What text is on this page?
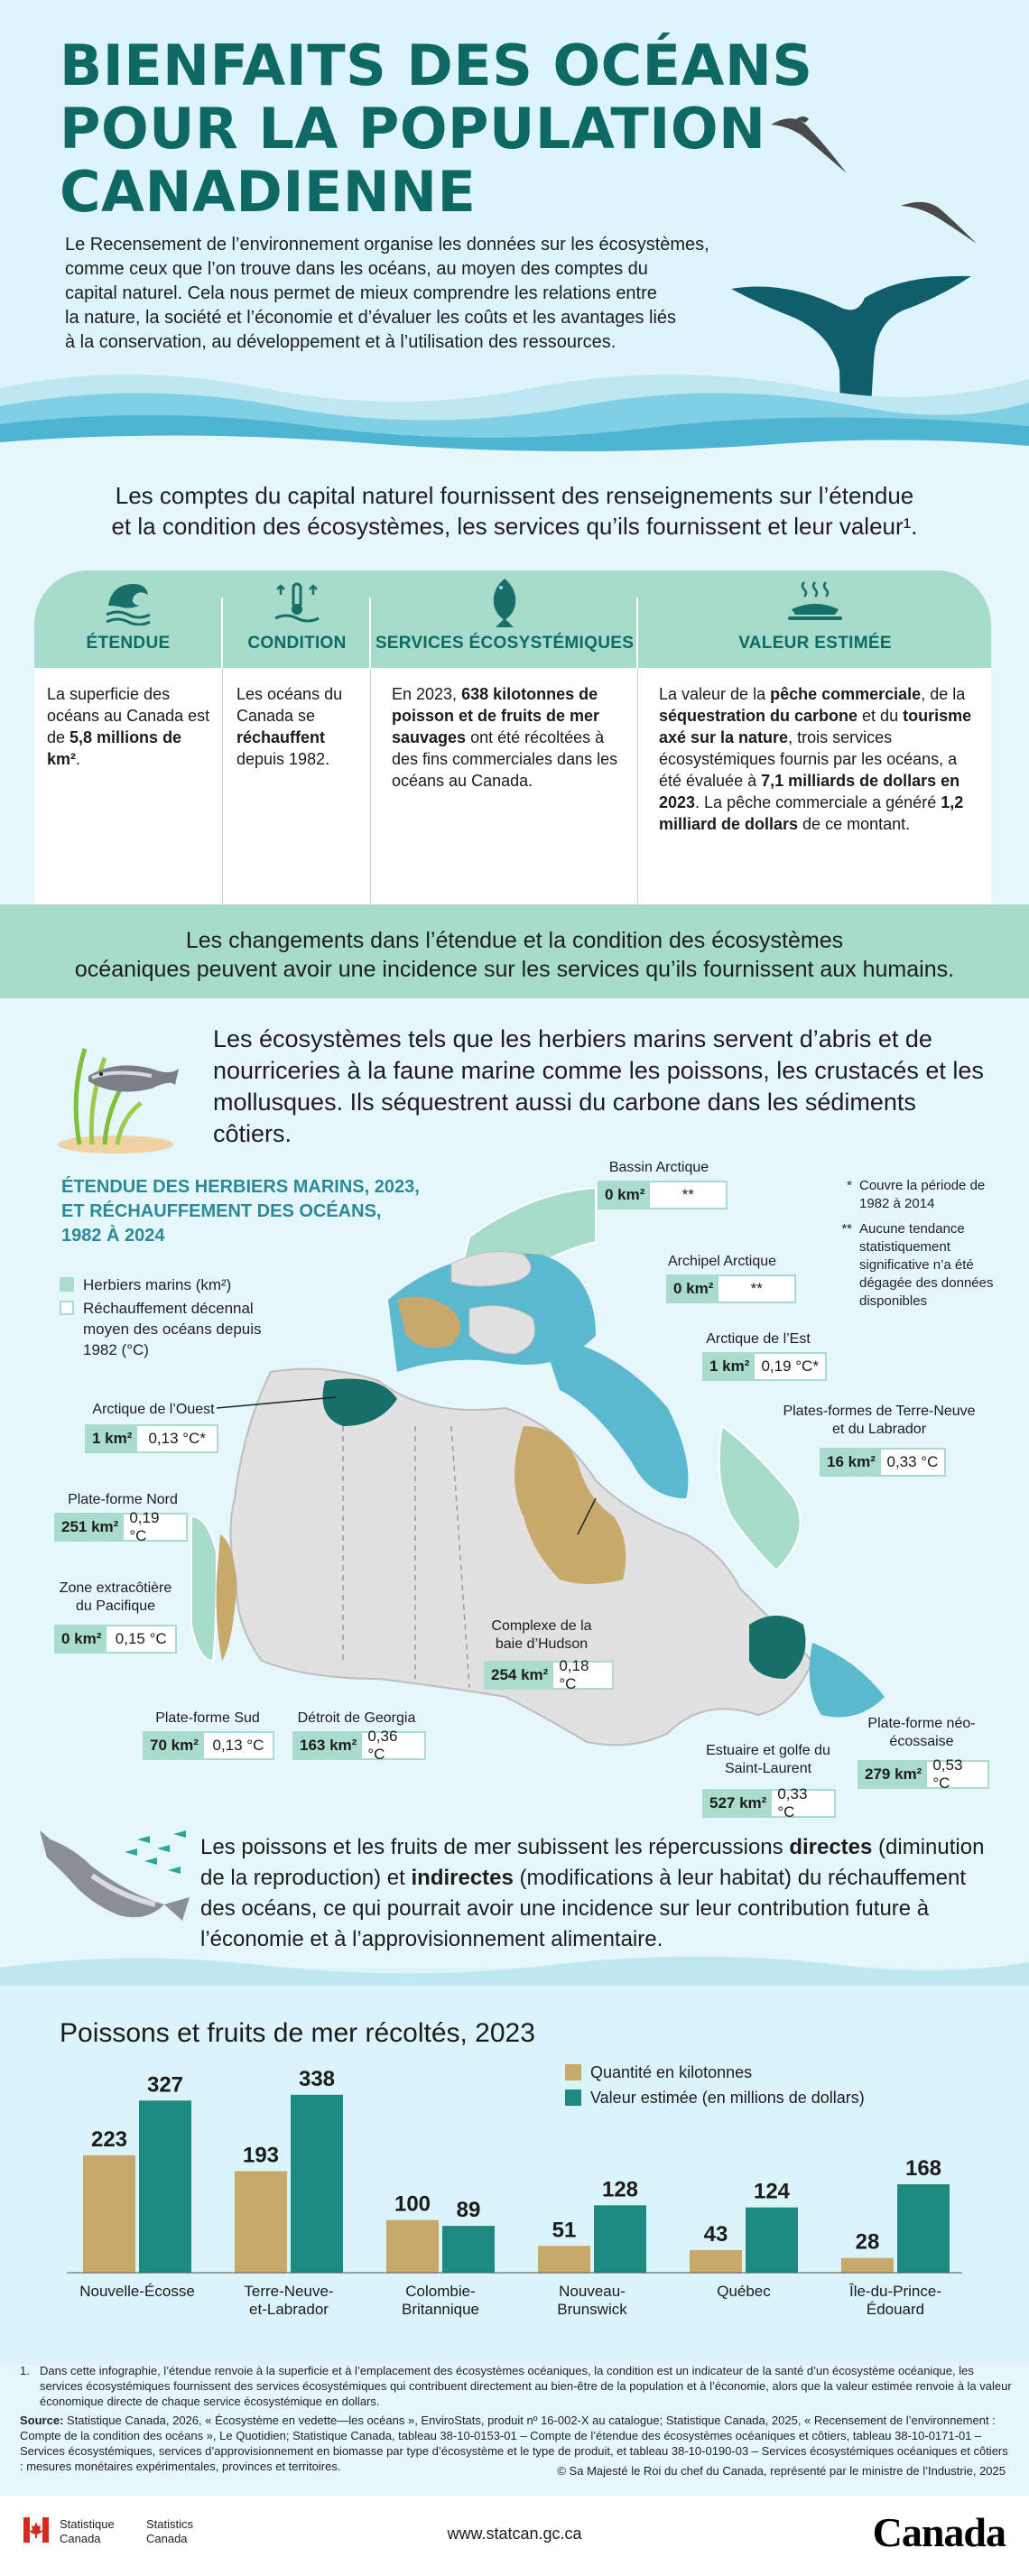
BIENFAITS DES OCÉANS
POUR LA POPULATION
CANADIENNE
Le Recensement de l’environnement organise les données sur les écosystèmes,
comme ceux que l’on trouve dans les océans, au moyen des comptes du
capital naturel. Cela nous permet de mieux comprendre les relations entre
la nature, la société et l’économie et d’évaluer les coûts et les avantages liés
à la conservation, au développement et à l’utilisation des ressources.
Les comptes du capital naturel fournissent des renseignements sur l’étendue
et la condition des écosystèmes, les services qu’ils fournissent et leur valeur¹.
ÉTENDUE
La superficie des océans au Canada est de 5,8 millions de km².
CONDITION
Les océans du Canada se réchauffent depuis 1982.
SERVICES ÉCOSYSTÉMIQUES
En 2023, 638 kilotonnes de poisson et de fruits de mer sauvages ont été récoltées à des fins commerciales dans les océans au Canada.
VALEUR ESTIMÉE
La valeur de la pêche commerciale, de la séquestration du carbone et du tourisme axé sur la nature, trois services écosystémiques fournis par les océans, a été évaluée à 7,1 milliards de dollars en 2023. La pêche commerciale a généré 1,2 milliard de dollars de ce montant.

Les changements dans l’étendue et la condition des écosystèmes
océaniques peuvent avoir une incidence sur les services qu’ils fournissent aux humains.

Les écosystèmes tels que les herbiers marins servent d’abris et de
nourriceries à la faune marine comme les poissons, les crustacés et les
mollusques. Ils séquestrent aussi du carbone dans les sédiments côtiers.
ÉTENDUE DES HERBIERS MARINS, 2023,
ET RÉCHAUFFEMENT DES OCÉANS,
1982 À 2024
Herbiers marins (km²)
Réchauffement décennal moyen des océans depuis 1982 (°C)
* Couvre la période de 1982 à 2014
** Aucune tendance statistiquement significative n’a été dégagée des données disponibles
Bassin Arctique
0 km²	**
Archipel Arctique
0 km²	**
Arctique de l’Est
1 km² 0,19 °C*
Plates-formes de Terre-Neuve et du Labrador
16 km² 0,33 °C
Arctique de l’Ouest
1 km²	0,13 °C*
Plate-forme Nord
251 km²
0,19 °C
Zone extracôtière du Pacifique
0 km² 0,15 °C
Complexe de la baie d’Hudson
254 km²
0,18 °C
Plate-forme Sud
70 km² 0,13 °C
Détroit de Georgia
163 km²
0,36 °C	Estuaire et golfe du Saint-Laurent
527 km²
0,33 °C
Plate-forme néo-écossaise
279 km²
0,53 °C

Les poissons et les fruits de mer subissent les répercussions directes (diminution de la reproduction) et indirectes (modifications à leur habitat) du réchauffement des océans, ce qui pourrait avoir une incidence sur leur contribution future à l’économie et à l’approvisionnement alimentaire.

Poissons et fruits de mer récoltés, 2023
Quantité en kilotonnes
Valeur estimée (en millions de dollars)
223
327
Nouvelle-Écosse
193
338
Terre-Neuve-
et-Labrador
100 89
Colombie-
Britannique
51
128
Nouveau-
Brunswick
43
124
Québec
28
168
Île-du-Prince-
Édouard
1. Dans cette infographie, l’étendue renvoie à la superficie et à l’emplacement des écosystèmes océaniques, la condition est un indicateur de la santé d’un écosystème océanique, les services écosystémiques fournissent des services écosystémiques qui contribuent directement au bien-être de la population et à l’économie, alors que la valeur estimée renvoie à la valeur économique directe de chaque service écosystémique en dollars.
Source: Statistique Canada, 2026, « Écosystème en vedette—les océans », EnviroStats, produit nº 16-002-X au catalogue; Statistique Canada, 2025, « Recensement de l’environnement : Compte de la condition des océans », Le Quotidien; Statistique Canada, tableau 38-10-0153-01 – Compte de l’étendue des écosystèmes océaniques et côtiers, tableau 38-10-0171-01 – Services écosystémiques, services d’approvisionnement en biomasse par type d’écosystème et le type de produit, et tableau 38-10-0190-03 – Services écosystémiques océaniques et côtiers : mesures monétaires expérimentales, provinces et territoires.	© Sa Majesté le Roi du chef du Canada, représenté par le ministre de l’Industrie, 2025
Statistique
Canada
Statistics
Canada	www.statcan.gc.ca	Canada
